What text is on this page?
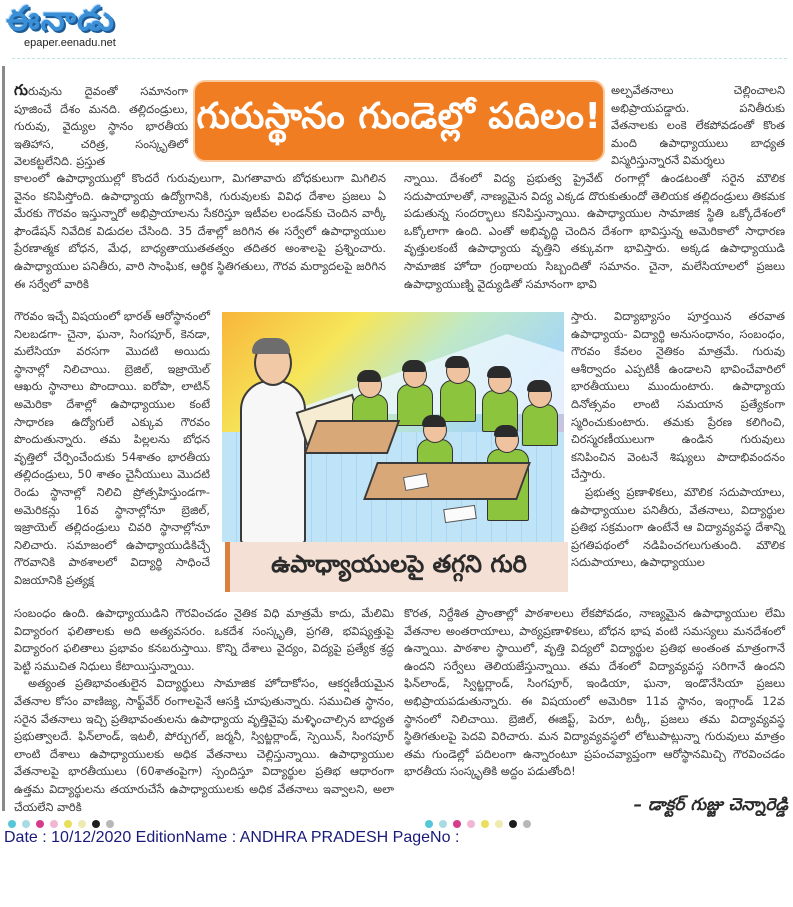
ఈనాడు
epaper.eenadu.net
గురుస్థానం గుండెల్లో పదిలం!

గురువును దైవంతో సమానంగా పూజించే దేశం మనది. తల్లిదండ్రులు, గురువు, వైద్యుల స్థానం భారతీయ ఇతిహాస, చరిత్ర, సంస్కృతిలో వెలకట్టలేనిది. ప్రస్తుత

అల్పవేతనాలు చెల్లించాలని అభిప్రాయపడ్డారు. పనితీరుకు వేతనాలకు లంకె లేకపోవడంతో కొంత మంది ఉపాధ్యాయులు బాధ్యత విస్మరిస్తున్నారనే విమర్శలు

కాలంలో ఉపాధ్యాయుల్లో కొందరే గురువులుగా, మిగతావారు బోధకులుగా మిగిలిన వైనం కనిపిస్తోంది. ఉపాధ్యాయ ఉద్యోగానికి, గురువులకు వివిధ దేశాల ప్రజలు ఏ మేరకు గౌరవం ఇస్తున్నారో అభిప్రాయాలను సేకరిస్తూ ఇటీవల లండన్‌కు చెందిన వార్కీ ఫౌండేషన్ నివేదిక విడుదల చేసింది. 35 దేశాల్లో జరిగిన ఈ సర్వేలో ఉపాధ్యాయుల ప్రేరణాత్మక బోధన, మేధ, బాధ్యతాయుతతత్వం తదితర అంశాలపై ప్రశ్నించారు. ఉపాధ్యాయుల పనితీరు, వారి సాంఘిక, ఆర్థిక స్థితిగతులు, గౌరవ మర్యాదలపై జరిగిన ఈ సర్వేలో వారికి

న్నాయి. దేశంలో విద్య ప్రభుత్వ ప్రైవేట్ రంగాల్లో ఉండటంతో సరైన మౌలిక సదుపాయాలతో, నాణ్యమైన విద్య ఎక్కడ దొరుకుతుందో తెలియక తల్లిదండ్రులు తికమక పడుతున్న సందర్భాలు కనిపిస్తున్నాయి. ఉపాధ్యాయుల సామాజిక స్థితి ఒక్కోదేశంలో ఒక్కోలాగా ఉంది. ఎంతో అభివృద్ధి చెందిన దేశంగా భావిస్తున్న అమెరికాలో సాధారణ వృత్తులకంటే ఉపాధ్యాయ వృత్తిని తక్కువగా భావిస్తారు. అక్కడ ఉపాధ్యాయుడి సామాజిక హోదా గ్రంథాలయ సిబ్బందితో సమానం. చైనా, మలేసియాలలో ప్రజలు ఉపాధ్యాయుణ్ని వైద్యుడితో సమానంగా భావి

గౌరవం ఇచ్చే విషయంలో భారత్ ఆరోస్థానంలో నిలబడగా- చైనా, ఘనా, సింగపూర్, కెనడా, మలేసియా వరసగా మొదటి అయిదు స్థానాల్లో నిలిచాయి. బ్రెజిల్, ఇజ్రాయెల్ ఆఖరు స్థానాలు పొందాయి. ఐరోపా, లాటిన్ అమెరికా దేశాల్లో ఉపాధ్యాయుల కంటే సాధారణ ఉద్యోగులే ఎక్కువ గౌరవం పొందుతున్నారు. తమ పిల్లలను బోధన వృత్తిలో చేర్పించేందుకు 54శాతం భారతీయ తల్లిదండ్రులు, 50 శాతం చైనీయులు మొదటి రెండు స్థానాల్లో నిలిచి ప్రోత్సహిస్తుండగా- అమెరికన్లు 16వ స్థానాల్లోనూ బ్రెజిల్, ఇజ్రాయెల్ తల్లిదండ్రులు చివరి స్థానాల్లోనూ నిలిచారు. సమాజంలో ఉపాధ్యాయుడికిచ్చే గౌరవానికి పాఠశాలలో విద్యార్థి సాధించే విజయానికి ప్రత్యక్ష

స్తారు. విద్యాభ్యాసం పూర్తయిన తరవాత ఉపాధ్యాయ- విద్యార్థి అనుసంధానం, సంబంధం, గౌరవం కేవలం నైతికం మాత్రమే. గురువు ఆశీర్వాదం ఎప్పటికీ ఉండాలని భావించేవారిలో భారతీయులు ముందుంటారు. ఉపాధ్యాయ దినోత్సవం లాంటి సమయాన ప్రత్యేకంగా స్మరించుకుంటారు. తమకు ప్రేరణ కలిగించి, చిరస్మరణీయులుగా ఉండిన గురువులు కనిపించిన వెంటనే శిష్యులు పాదాభివందనం చేస్తారు.

ప్రభుత్వ ప్రణాళికలు, మౌలిక సదుపాయాలు, ఉపాధ్యాయుల పనితీరు, వేతనాలు, విద్యార్థుల ప్రతిభ సక్రమంగా ఉంటేనే ఆ విద్యావ్యవస్థ దేశాన్ని ప్రగతిపథంలో నడిపించగలుగుతుంది. మౌలిక సదుపాయాలు, ఉపాధ్యాయుల

ఉపాధ్యాయులపై తగ్గని గురి

సంబంధం ఉంది. ఉపాధ్యాయుడిని గౌరవించడం నైతిక విధి మాత్రమే కాదు, మేలిమి విద్యారంగ ఫలితాలకు అది అత్యవసరం. ఒకదేశ సంస్కృతి, ప్రగతి, భవిష్యత్తుపై విద్యారంగ ఫలితాలు ప్రభావం కనబరుస్తాయి. కొన్ని దేశాలు వైద్యం, విద్యపై ప్రత్యేక శ్రద్ధ పెట్టి సముచిత నిధులు కేటాయిస్తున్నాయి.

అత్యంత ప్రతిభావంతులైన విద్యార్థులు సామాజిక హోదాకోసం, ఆకర్షణీయమైన వేతనాల కోసం వాణిజ్య, సాఫ్ట్‌వేర్ రంగాలపైనే ఆసక్తి చూపుతున్నారు. సముచిత స్థానం, సరైన వేతనాలు ఇచ్చి ప్రతిభావంతులను ఉపాధ్యాయ వృత్తివైపు మళ్ళించాల్సిన బాధ్యత ప్రభుత్వాలదే. ఫిన్‌లాండ్, ఇటలీ, పోర్చుగల్, జర్మనీ, స్విట్జర్లాండ్, స్పెయిన్, సింగపూర్ లాంటి దేశాలు ఉపాధ్యాయులకు అధిక వేతనాలు చెల్లిస్తున్నాయి. ఉపాధ్యాయుల వేతనాలపై భారతీయులు (60శాతంపైగా) స్పందిస్తూ విద్యార్థుల ప్రతిభ ఆధారంగా ఉత్తమ విద్యార్థులను తయారుచేసే ఉపాధ్యాయులకు అధిక వేతనాలు ఇవ్వాలని, అలా చేయలేని వారికి

కొరత, నిర్దేశిత ప్రాంతాల్లో పాఠశాలలు లేకపోవడం, నాణ్యమైన ఉపాధ్యాయుల లేమి వేతనాల అంతరాయాలు, పాఠ్యప్రణాళికలు, బోధన భాష వంటి సమస్యలు మనదేశంలో ఉన్నాయి. పాఠశాల స్థాయిలో, వృత్తి విద్యలో విద్యార్థుల ప్రతిభ అంతంత మాత్రంగానే ఉందని సర్వేలు తెలియజేస్తున్నాయి. తమ దేశంలో విద్యావ్యవస్థ సరిగానే ఉందని ఫిన్‌లాండ్, స్విట్జర్లాండ్, సింగపూర్, ఇండియా, ఘనా, ఇండొనేసియా ప్రజలు అభిప్రాయపడుతున్నారు. ఈ విషయంలో అమెరికా 11వ స్థానం, ఇంగ్లాండ్ 12వ స్థానంలో నిలిచాయి. బ్రెజిల్, ఈజిప్ట్, పెరూ, టర్కీ, ప్రజలు తమ విద్యావ్యవస్థ స్థితిగతులపై పెదవి విరిచారు. మన విద్యావ్యవస్థలో లోటుపాట్లున్నా గురువులు మాత్రం తమ గుండెల్లో పదిలంగా ఉన్నారంటూ ప్రపంచవ్యాప్తంగా ఆరోస్థానమిచ్చి గౌరవించడం భారతీయ సంస్కృతికి అద్దం పడుతోంది!

– డాక్టర్ గుజ్జు చెన్నారెడ్డి
Date : 10/12/2020 EditionName : ANDHRA PRADESH PageNo :
